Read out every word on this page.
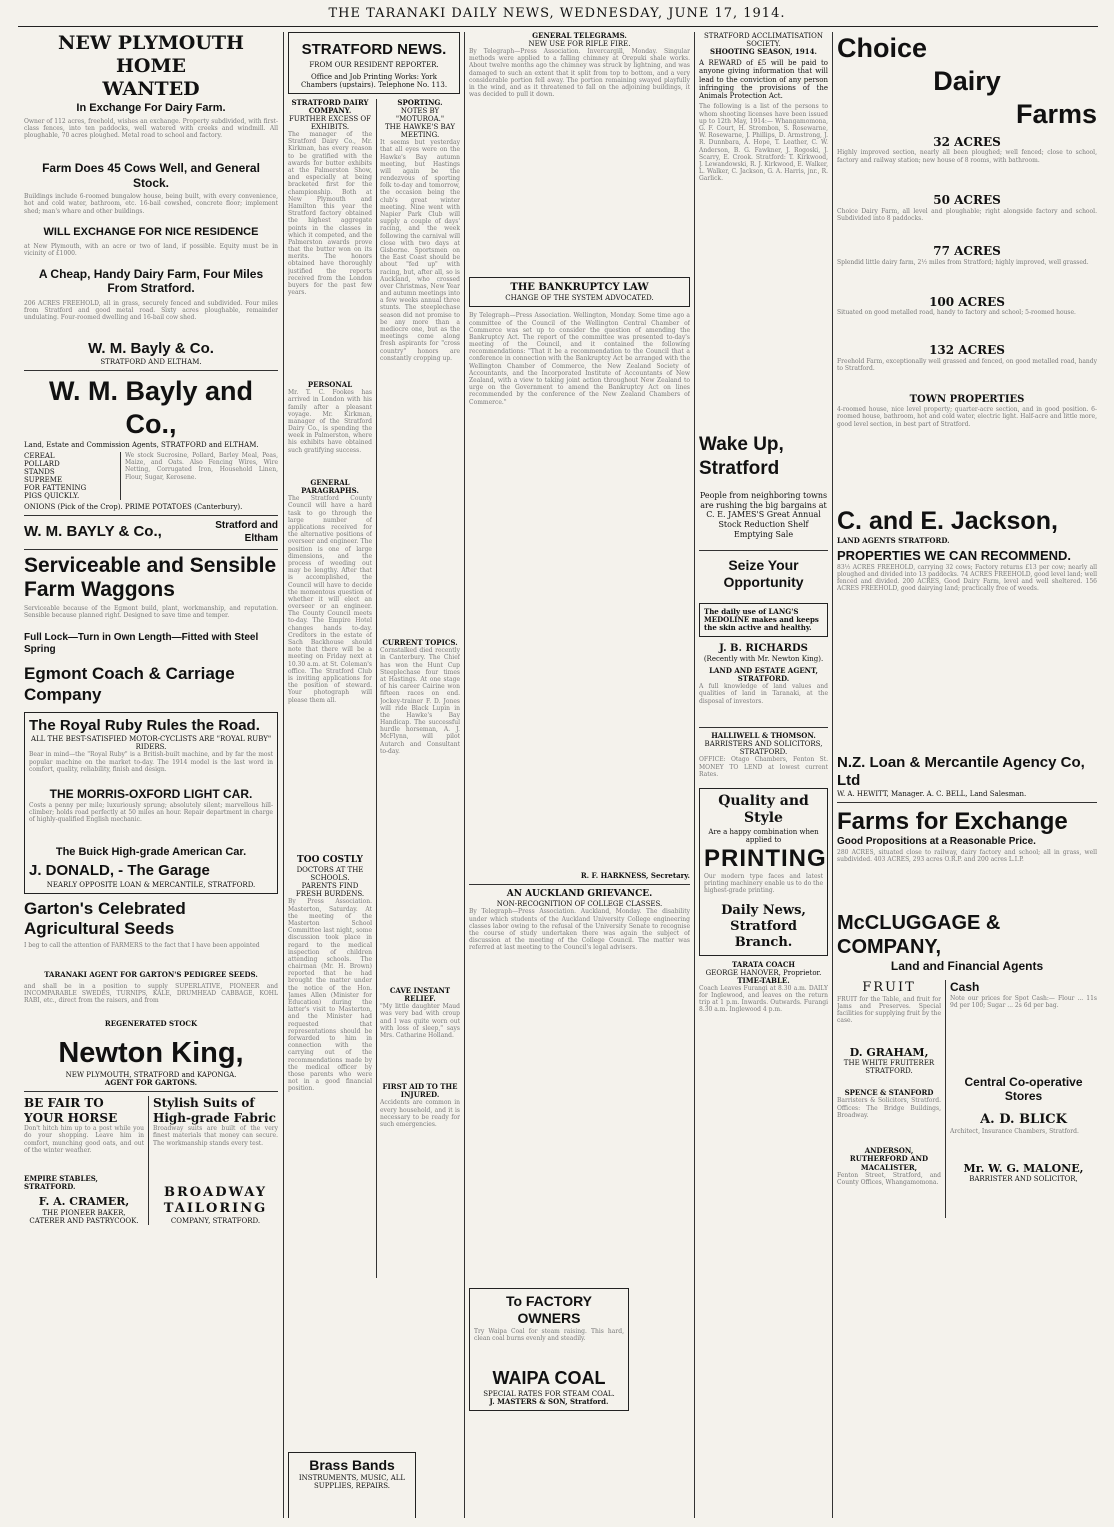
THE TARANAKI DAILY NEWS, WEDNESDAY, JUNE 17, 1914.
NEW PLYMOUTH HOME
WANTED
In Exchange For Dairy Farm.
Owner of 112 acres, freehold, wishes an exchange. Property subdivided, with first-class fences, into ten paddocks, well watered with creeks and windmill. All ploughable, 70 acres ploughed. Metal road to school and factory.
Farm Does 45 Cows Well, and General Stock.
Buildings include 6-roomed bungalow house, being built, with every convenience, hot and cold water, bathroom, etc. 16-bail cowshed, concrete floor; implement shed; man's whare and other buildings.
WILL EXCHANGE FOR NICE RESIDENCE
at New Plymouth, with an acre or two of land, if possible. Equity must be in vicinity of £1000.
A Cheap, Handy Dairy Farm, Four Miles From Stratford.
206 ACRES FREEHOLD, all in grass, securely fenced and subdivided. Four miles from Stratford and good metal road. Sixty acres ploughable, remainder undulating. Four-roomed dwelling and 16-bail cow shed.
W. M. Bayly & Co.
STRATFORD AND ELTHAM.
W. M. Bayly and Co.,
Land, Estate and Commission Agents, STRATFORD and ELTHAM.
CEREAL
POLLARD
STANDS
SUPREME
FOR FATTENING
PIGS QUICKLY.
We stock Sucrosine, Pollard, Barley Meal, Peas, Maize, and Oats. Also Fencing Wires, Wire Netting, Corrugated Iron, Household Linen, Flour, Sugar, Kerosene.
ONIONS (Pick of the Crop). PRIME POTATOES (Canterbury).
W. M. BAYLY & Co.,	Stratford and Eltham
Serviceable and Sensible Farm Waggons
Serviceable because of the Egmont build, plant, workmanship, and reputation. Sensible because planned right. Designed to save time and temper.
Full Lock—Turn in Own Length—Fitted with Steel Spring
Egmont Coach & Carriage Company
The Royal Ruby Rules the Road.
ALL THE BEST-SATISFIED MOTOR-CYCLISTS ARE "ROYAL RUBY" RIDERS.
Bear in mind—the "Royal Ruby" is a British-built machine, and by far the most popular machine on the market to-day. The 1914 model is the last word in comfort, quality, reliability, finish and design.
THE MORRIS-OXFORD LIGHT CAR.
Costs a penny per mile; luxuriously sprung; absolutely silent; marvellous hill-climber; holds road perfectly at 50 miles an hour. Repair department in charge of highly-qualified English mechanic.
The Buick High-grade American Car.
J. DONALD, - The Garage
NEARLY OPPOSITE LOAN & MERCANTILE, STRATFORD.
Garton's Celebrated Agricultural Seeds
I beg to call the attention of FARMERS to the fact that I have been appointed
TARANAKI AGENT FOR GARTON'S PEDIGREE SEEDS.
and shall be in a position to supply SUPERLATIVE, PIONEER and INCOMPARABLE SWEDES, TURNIPS, KALE, DRUMHEAD CABBAGE, KOHL RABI, etc., direct from the raisers, and from
REGENERATED STOCK
Newton King,
NEW PLYMOUTH, STRATFORD and KAPONGA.
AGENT FOR GARTONS.
BE FAIR TO YOUR HORSE
Don't hitch him up to a post while you do your shopping. Leave him in comfort, munching good oats, and out of the winter weather.
EMPIRE STABLES, STRATFORD.
F. A. CRAMER,
THE PIONEER BAKER, CATERER AND PASTRYCOOK.
Stylish Suits of High-grade Fabric
Broadway suits are built of the very finest materials that money can secure. The workmanship stands every test.
BROADWAY TAILORING
COMPANY, STRATFORD.
STRATFORD NEWS.
FROM OUR RESIDENT REPORTER.
Office and Job Printing Works: York Chambers (upstairs). Telephone No. 113.
STRATFORD DAIRY COMPANY.
FURTHER EXCESS OF EXHIBITS.
The manager of the Stratford Dairy Co., Mr. Kirkman, has every reason to be gratified with the awards for butter exhibits at the Palmerston Show, and especially at being bracketed first for the championship. Both at New Plymouth and Hamilton this year the Stratford factory obtained the highest aggregate points in the classes in which it competed, and the Palmerston awards prove that the butter won on its merits. The honors obtained have thoroughly justified the reports received from the London buyers for the past few years.
PERSONAL
Mr. T. C. Fookes has arrived in London with his family after a pleasant voyage. Mr. Kirkman, manager of the Stratford Dairy Co., is spending the week in Palmerston, where his exhibits have obtained such gratifying success.
GENERAL PARAGRAPHS.
The Stratford County Council will have a hard task to go through the large number of applications received for the alternative positions of overseer and engineer. The position is one of large dimensions, and the process of weeding out may be lengthy. After that is accomplished, the Council will have to decide the momentous question of whether it will elect an overseer or an engineer. The County Council meets to-day. The Empire Hotel changes hands to-day. Creditors in the estate of Sach Backhouse should note that there will be a meeting on Friday next at 10.30 a.m. at St. Coleman's office. The Stratford Club is inviting applications for the position of steward. Your photograph will please them all.
TOO COSTLY
DOCTORS AT THE SCHOOLS.
PARENTS FIND FRESH BURDENS.
By Press Association. Masterton, Saturday. At the meeting of the Masterton School Committee last night, some discussion took place in regard to the medical inspection of children attending schools. The chairman (Mr. H. Brown) reported that he had brought the matter under the notice of the Hon. James Allen (Minister for Education) during the latter's visit to Masterton, and the Minister had requested that representations should be forwarded to him in connection with the carrying out of the recommendations made by the medical officer by those parents who were not in a good financial position.
SPORTING.
NOTES BY "MOTUROA."
THE HAWKE'S BAY MEETING.
It seems but yesterday that all eyes were on the Hawke's Bay autumn meeting, but Hastings will again be the rendezvous of sporting folk to-day and tomorrow, the occasion being the club's great winter meeting. Nine went with Napier Park Club will supply a couple of days' racing, and the week following the carnival will close with two days at Gisborne. Sportsmen on the East Coast should be about "fed up" with racing, but, after all, so is Auckland, who crossed over Christmas, New Year and autumn meetings into a few weeks annual three stunts. The steeplechase season did not promise to be any more than a mediocre one, but as the meetings come along fresh aspirants for "cross country" honors are constantly cropping up.
CURRENT TOPICS.
Cornstalked died recently in Canterbury. The Chief has won the Hunt Cup Steeplechase four times at Hastings. At one stage of his career Cairine won fifteen races on end. Jockey-trainer F. D. Jones will ride Black Lupin in the Hawke's Bay Handicap. The successful hurdle horseman, A. J. McFlynn, will pilot Autarch and Consultant to-day.
CAVE INSTANT RELIEF.
"My little daughter Maud was very bad with croup and I was quite worn out with loss of sleep," says Mrs. Catharine Holland.
FIRST AID TO THE INJURED.
Accidents are common in every household, and it is necessary to be ready for such emergencies.
Brass Bands
INSTRUMENTS, MUSIC, ALL SUPPLIES, REPAIRS.
GENERAL TELEGRAMS.
NEW USE FOR RIFLE FIRE.
By Telegraph—Press Association. Invercargill, Monday. Singular methods were applied to a falling chimney at Orepuki shale works. About twelve months ago the chimney was struck by lightning, and was damaged to such an extent that it split from top to bottom, and a very considerable portion fell away. The portion remaining swayed playfully in the wind, and as it threatened to fall on the adjoining buildings, it was decided to pull it down.
THE BANKRUPTCY LAW
CHANGE OF THE SYSTEM ADVOCATED.
By Telegraph—Press Association. Wellington, Monday. Some time ago a committee of the Council of the Wellington Central Chamber of Commerce was set up to consider the question of amending the Bankruptcy Act. The report of the committee was presented to-day's meeting of the Council, and it contained the following recommendations: "That it be a recommendation to the Council that a conference in connection with the Bankruptcy Act be arranged with the Wellington Chamber of Commerce, the New Zealand Society of Accountants, and the Incorporated Institute of Accountants of New Zealand, with a view to taking joint action throughout New Zealand to urge on the Government to amend the Bankruptcy Act on lines recommended by the conference of the New Zealand Chambers of Commerce."
R. F. HARKNESS, Secretary.
AN AUCKLAND GRIEVANCE.
NON-RECOGNITION OF COLLEGE CLASSES.
By Telegraph—Press Association. Auckland, Monday. The disability under which students of the Auckland University College engineering classes labor owing to the refusal of the University Senate to recognise the course of study undertaken there was again the subject of discussion at the meeting of the College Council. The matter was referred at last meeting to the Council's legal advisers.
To FACTORY OWNERS
Try Waipa Coal for steam raising. This hard, clean coal burns evenly and steadily.
WAIPA COAL
SPECIAL RATES FOR STEAM COAL.
J. MASTERS & SON, Stratford.
STRATFORD ACCLIMATISATION SOCIETY.
SHOOTING SEASON, 1914.
A REWARD of £5 will be paid to anyone giving information that will lead to the conviction of any person infringing the provisions of the Animals Protection Act.
The following is a list of the persons to whom shooting licenses have been issued up to 12th May, 1914:— Whangamomona, G. F. Court, H. Strombon, S. Rosewarne, W. Rosewarne, J. Phillips, D. Armstrong, J. R. Dunnbara, A. Hope, T. Leather, C. W. Anderson, B. G. Fawkner, J. Rogoski, J. Scarry, E. Crook. Stratford: T. Kirkwood, J. Lewandowski, R. J. Kirkwood, E. Walker, L. Walker, C. Jackson, G. A. Harris, jnr., R. Garlick.
Wake Up, Stratford
People from neighboring towns are rushing the big bargains at C. E. JAMES'S Great Annual Stock Reduction Shelf Emptying Sale
Seize Your Opportunity
The daily use of LANG'S MEDOLINE makes and keeps the skin active and healthy.
J. B. RICHARDS
(Recently with Mr. Newton King).
LAND AND ESTATE AGENT, STRATFORD.
A full knowledge of land values and qualities of land in Taranaki, at the disposal of investors.
HALLIWELL & THOMSON.
BARRISTERS AND SOLICITORS, STRATFORD.
OFFICE: Otago Chambers, Fenton St. MONEY TO LEND at lowest current Rates.
Quality and Style
Are a happy combination when applied to
PRINTING
Our modern type faces and latest printing machinery enable us to do the highest-grade printing.
Daily News, Stratford Branch.
TARATA COACH
GEORGE HANOVER, Proprietor.
TIME-TABLE.
Coach Leaves Furangi at 8.30 a.m. DAILY for Inglewood, and leaves on the return trip at 1 p.m. Inwards. Outwards. Furangi 8.30 a.m. Inglewood 4 p.m.
Choice
Dairy
Farms
32 ACRES
Highly improved section, nearly all been ploughed; well fenced; close to school, factory and railway station; new house of 8 rooms, with bathroom.
50 ACRES
Choice Dairy Farm, all level and ploughable; right alongside factory and school. Subdivided into 8 paddocks.
77 ACRES
Splendid little dairy farm, 2½ miles from Stratford; highly improved, well grassed.
100 ACRES
Situated on good metalled road, handy to factory and school; 5-roomed house.
132 ACRES
Freehold Farm, exceptionally well grassed and fenced, on good metalled road, handy to Stratford.
TOWN PROPERTIES
4-roomed house, nice level property; quarter-acre section, and in good position. 6-roomed house, bathroom, hot and cold water, electric light. Half-acre and little more, good level section, in best part of Stratford.
C. and E. Jackson,
LAND AGENTS STRATFORD.
PROPERTIES WE CAN RECOMMEND.
83½ ACRES FREEHOLD, carrying 32 cows; Factory returns £13 per cow; nearly all ploughed and divided into 13 paddocks. 74 ACRES FREEHOLD, good level land; well fenced and divided. 200 ACRES, Good Dairy Farm, level and well sheltered. 156 ACRES FREEHOLD, good dairying land; practically free of weeds.
N.Z. Loan & Mercantile Agency Co, Ltd
W. A. HEWITT, Manager. A. C. BELL, Land Salesman.
Farms for Exchange
Good Propositions at a Reasonable Price.
280 ACRES, situated close to railway, dairy factory and school; all in grass, well subdivided. 403 ACRES, 293 acres O.R.P. and 200 acres L.I.P.
McCLUGGAGE & COMPANY,
Land and Financial Agents
FRUIT
FRUIT for the Table, and fruit for Jams and Preserves. Special facilities for supplying fruit by the case.
D. GRAHAM,
THE WHITE FRUITERER STRATFORD.
SPENCE & STANFORD
Barristers & Solicitors, Stratford. Offices: The Bridge Buildings, Broadway.
ANDERSON, RUTHERFORD AND MACALISTER,
Fenton Street, Stratford, and County Offices, Whangamomona.
Cash
Note our prices for Spot Cash:— Flour ... 11s 9d per 100; Sugar ... 2s 6d per bag.
Central Co-operative Stores
A. D. BLICK
Architect, Insurance Chambers, Stratford.
Mr. W. G. MALONE,
BARRISTER AND SOLICITOR,
